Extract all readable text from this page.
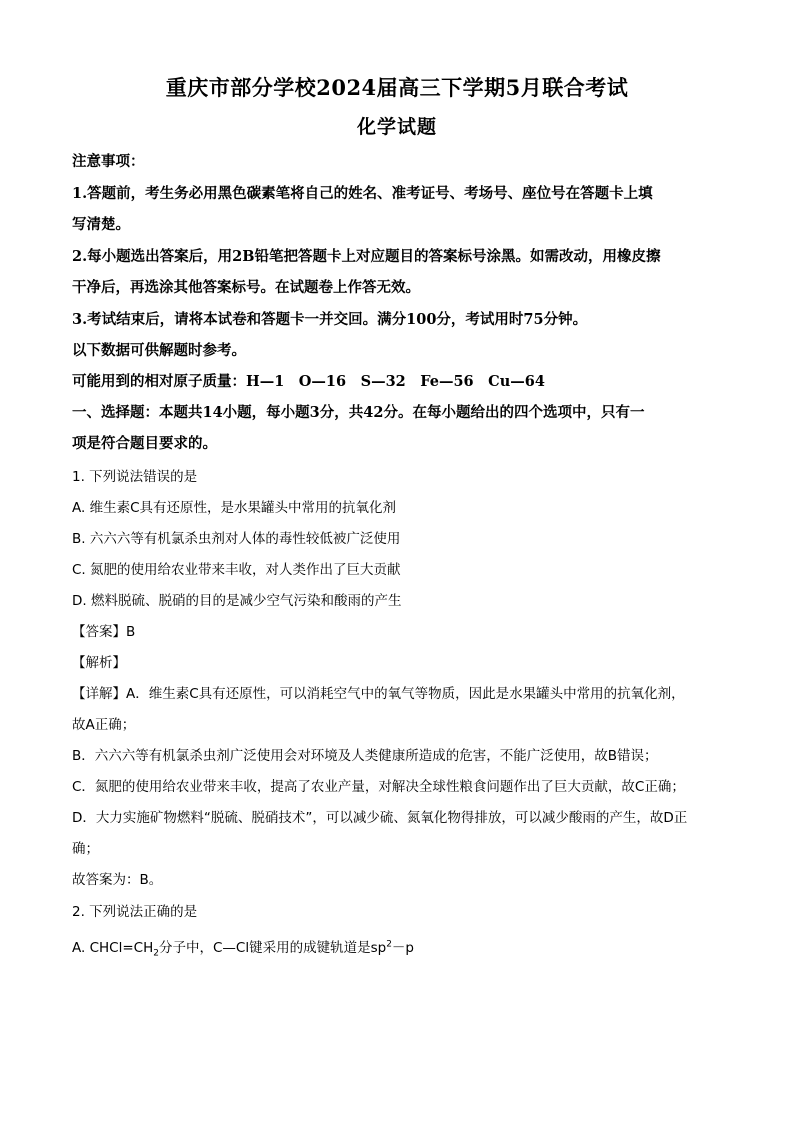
重庆市部分学校2024届高三下学期5月联合考试
化学试题
注意事项：
1.答题前，考生务必用黑色碳素笔将自己的姓名、准考证号、考场号、座位号在答题卡上填
写清楚。
2.每小题选出答案后，用2B铅笔把答题卡上对应题目的答案标号涂黑。如需改动，用橡皮擦
干净后，再选涂其他答案标号。在试题卷上作答无效。
3.考试结束后，请将本试卷和答题卡一并交回。满分100分，考试用时75分钟。
以下数据可供解题时参考。
可能用到的相对原子质量：H—1　O—16　S—32　Fe—56　Cu—64
一、选择题：本题共14小题，每小题3分，共42分。在每小题给出的四个选项中，只有一
项是符合题目要求的。
1. 下列说法错误的是
A. 维生素C具有还原性，是水果罐头中常用的抗氧化剂
B. 六六六等有机氯杀虫剂对人体的毒性较低被广泛使用
C. 氮肥的使用给农业带来丰收，对人类作出了巨大贡献
D. 燃料脱硫、脱硝的目的是减少空气污染和酸雨的产生
【答案】B
【解析】
【详解】A．维生素C具有还原性，可以消耗空气中的氧气等物质，因此是水果罐头中常用的抗氧化剂，
故A正确；
B．六六六等有机氯杀虫剂广泛使用会对环境及人类健康所造成的危害，不能广泛使用，故B错误；
C．氮肥的使用给农业带来丰收，提高了农业产量，对解决全球性粮食问题作出了巨大贡献，故C正确；
D．大力实施矿物燃料“脱硫、脱硝技术”，可以减少硫、氮氧化物得排放，可以减少酸雨的产生，故D正
确；
故答案为：B。
2. 下列说法正确的是
A. $CHCl=CH_2$分子中，C—Cl键采用的成键轨道是$sp^2-p$
